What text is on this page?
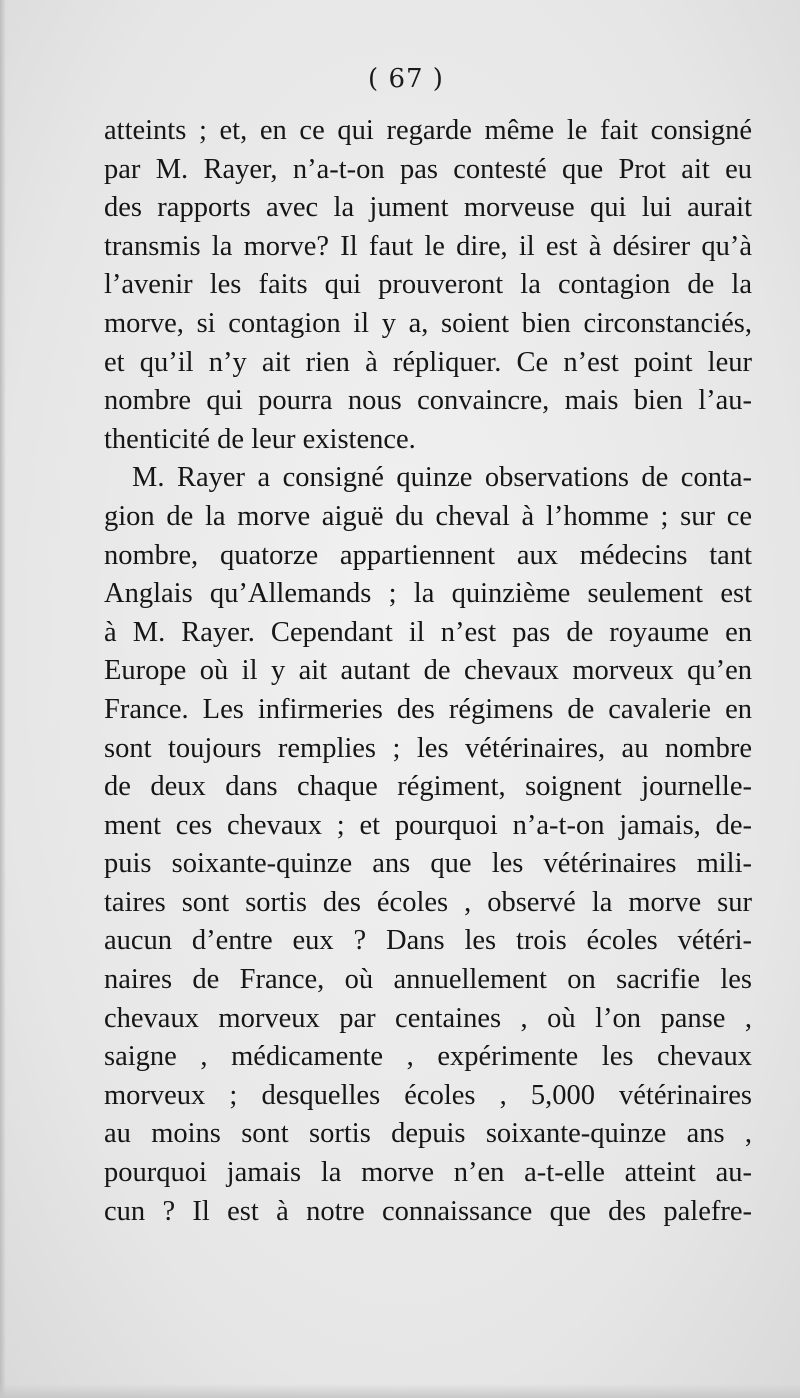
( 67 )
atteints ; et, en ce qui regarde même le fait consigné
par M. Rayer, n’a-t-on pas contesté que Prot ait eu
des rapports avec la jument morveuse qui lui aurait
transmis la morve? Il faut le dire, il est à désirer qu’à
l’avenir les faits qui prouveront la contagion de la
morve, si contagion il y a, soient bien circonstanciés,
et qu’il n’y ait rien à répliquer. Ce n’est point leur
nombre qui pourra nous convaincre, mais bien l’au-
thenticité de leur existence.
M. Rayer a consigné quinze observations de conta-
gion de la morve aiguë du cheval à l’homme ; sur ce
nombre, quatorze appartiennent aux médecins tant
Anglais qu’Allemands ; la quinzième seulement est
à M. Rayer. Cependant il n’est pas de royaume en
Europe où il y ait autant de chevaux morveux qu’en
France. Les infirmeries des régimens de cavalerie en
sont toujours remplies ; les vétérinaires, au nombre
de deux dans chaque régiment, soignent journelle-
ment ces chevaux ; et pourquoi n’a-t-on jamais, de-
puis soixante-quinze ans que les vétérinaires mili-
taires sont sortis des écoles , observé la morve sur
aucun d’entre eux ? Dans les trois écoles vétéri-
naires de France, où annuellement on sacrifie les
chevaux morveux par centaines , où l’on panse ,
saigne , médicamente , expérimente les chevaux
morveux ; desquelles écoles , 5,000 vétérinaires
au moins sont sortis depuis soixante-quinze ans ,
pourquoi jamais la morve n’en a-t-elle atteint au-
cun ? Il est à notre connaissance que des palefre-
